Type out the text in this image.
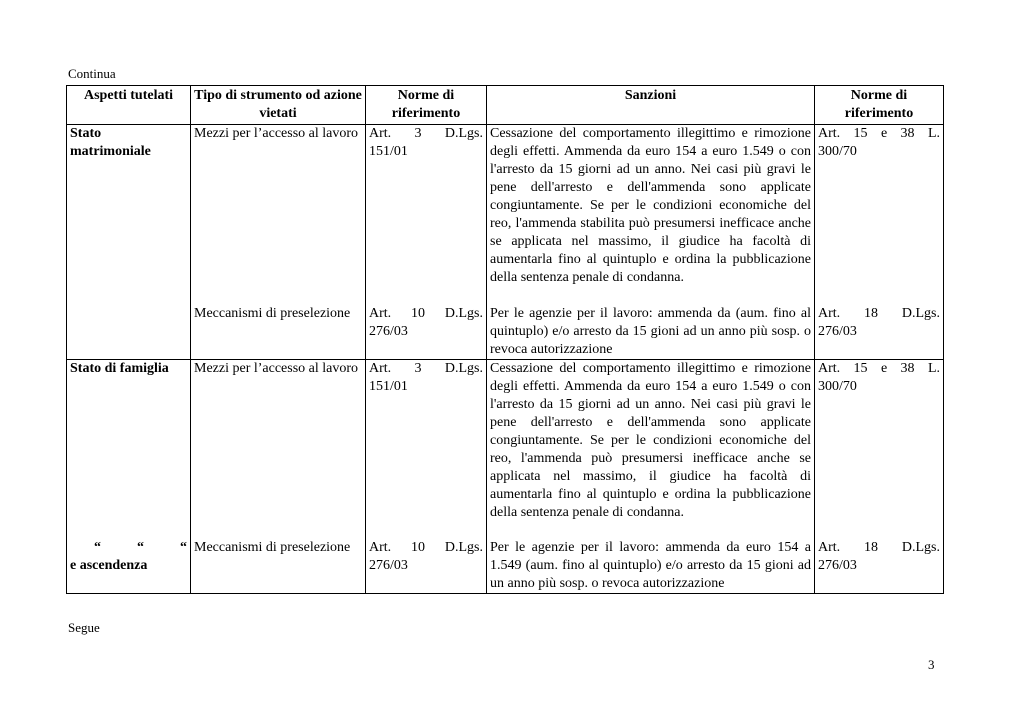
Continua
Aspetti tutelati	Tipo di strumento od azione vietati	Norme di riferimento	Sanzioni	Norme di riferimento

Stato matrimoniale	Mezzi per l’accesso al lavoro	Art. 3 D.Lgs. 151/01	Cessazione del comportamento illegittimo e rimozione degli effetti. Ammenda da euro 154 a euro 1.549 o con l'arresto da 15 giorni ad un anno. Nei casi più gravi le pene dell'arresto e dell'ammenda sono applicate congiuntamente. Se per le condizioni economiche del reo, l'ammenda stabilita può presumersi inefficace anche se applicata nel massimo, il giudice ha facoltà di aumentarla fino al quintuplo e ordina la pubblicazione della sentenza penale di condanna.	Art. 15 e 38 L. 300/70

	Meccanismi di preselezione	Art. 10 D.Lgs. 276/03	Per le agenzie per il lavoro: ammenda da (aum. fino al quintuplo) e/o arresto da 15 gioni ad un anno più sosp. o revoca autorizzazione	Art. 18 D.Lgs. 276/03

Stato di famiglia	Mezzi per l’accesso al lavoro	Art. 3 D.Lgs. 151/01	Cessazione del comportamento illegittimo e rimozione degli effetti. Ammenda da euro 154 a euro 1.549 o con l'arresto da 15 giorni ad un anno. Nei casi più gravi le pene dell'arresto e dell'ammenda sono applicate congiuntamente. Se per le condizioni economiche del reo, l'ammenda può presumersi inefficace anche se applicata nel massimo, il giudice ha facoltà di aumentarla fino al quintuplo e ordina la pubblicazione della sentenza penale di condanna.	Art. 15 e 38 L. 300/70

“ “ “
e ascendenza	Meccanismi di preselezione	Art. 10 D.Lgs. 276/03	Per le agenzie per il lavoro: ammenda da euro 154 a 1.549 (aum. fino al quintuplo) e/o arresto da 15 gioni ad un anno più sosp. o revoca autorizzazione	Art. 18 D.Lgs. 276/03
Segue
3
